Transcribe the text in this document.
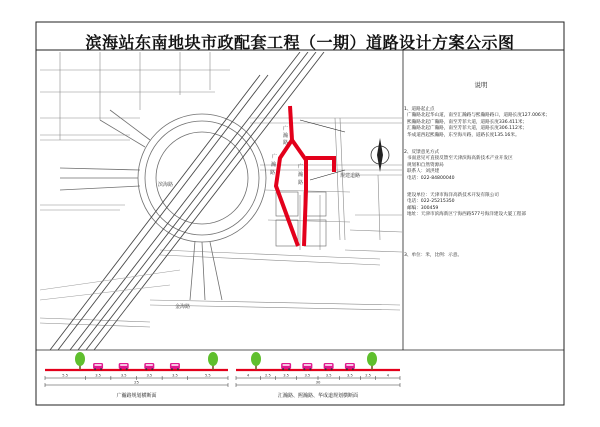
滨海站东南地块市政配套工程（一期）道路设计方案公示图
滨海路
金海路
规建道路
广
瀚
路
广
瀚
路
广
瀚
路
说明
1、道路起止点
广瀚路北起华山道，南至汇瀚路与熙瀚路路口，道路长度127.006米；
熙瀚路北起广瀚路，南至芳菲大道，道路长度336.411米；
汇瀚路北起广瀚路，南至芳菲大道，道路长度306.112米；
华成道西起熙瀚路，东至海川路，道路长度135.16米。
2、反馈意见方式
书面意见可直接反馈至天津滨海高新技术产业开发区
规划和自然资源局
联系人：刘洪建
电话：022-84800040
建设单位：天津市海洋高新技术开发有限公司
电话：022-25215350
邮编：300459
地址：天津市滨海新区宁海西路577号海洋建设大厦工程部
3、单位：米，比例：示意。
5.5	3.5	3.5	3.5	3.5	5.5
25
广瀚路规划横断面
4	2.5	3.5	3.5	3.5	3.5	2.5	4
30
汇瀚路、熙瀚路、华成道规划横断面
